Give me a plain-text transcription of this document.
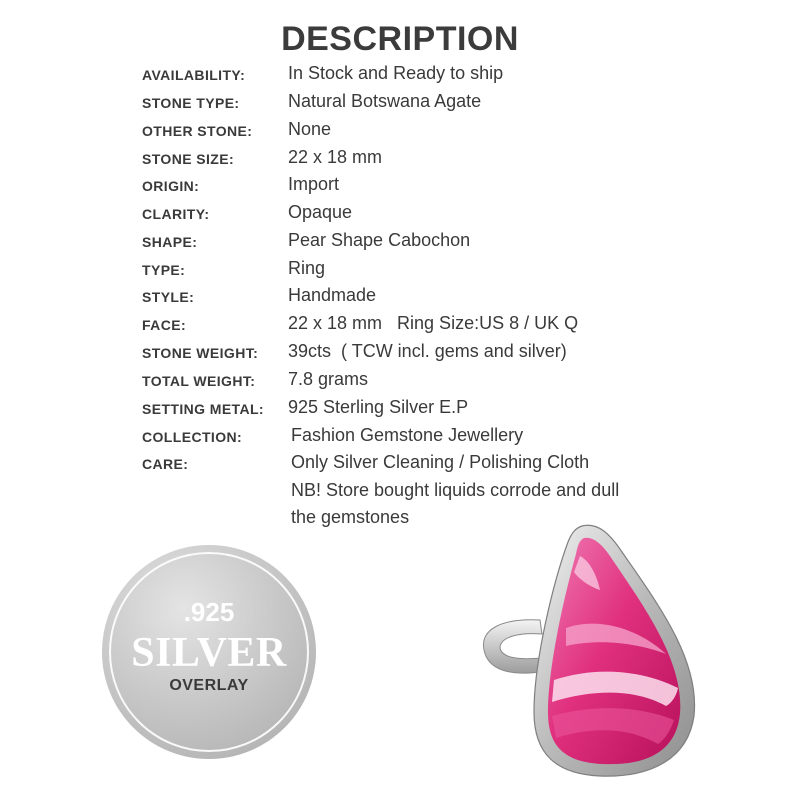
DESCRIPTION
AVAILABILITY: In Stock and Ready to ship
STONE TYPE:	Natural Botswana Agate
OTHER STONE: None
STONE SIZE:	22 x 18 mm
ORIGIN:	Import
CLARITY:	Opaque
SHAPE:	Pear Shape Cabochon
TYPE:	Ring
STYLE:	Handmade
FACE:	22 x 18 mm   Ring Size:US 8 / UK Q
STONE WEIGHT: 39cts  ( TCW incl. gems and silver)
TOTAL WEIGHT: 7.8 grams
SETTING METAL: 925 Sterling Silver E.P
COLLECTION:	Fashion Gemstone Jewellery
CARE:	Only Silver Cleaning / Polishing Cloth
NB! Store bought liquids corrode and dull
the gemstones
.925
SILVER
OVERLAY
